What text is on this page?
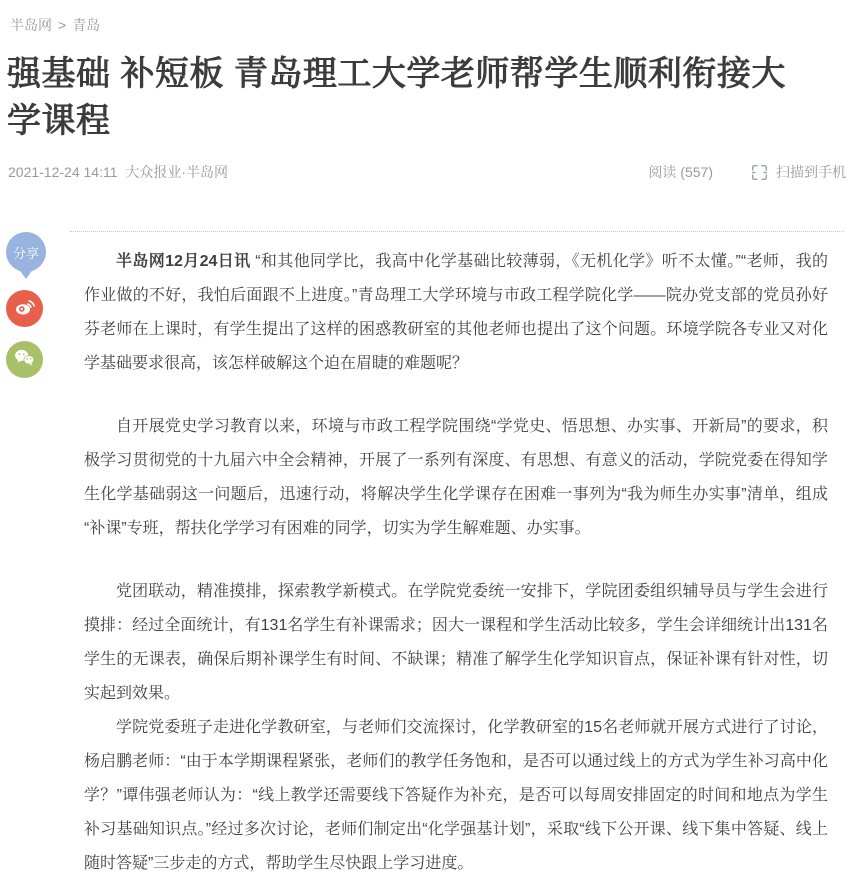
半岛网 > 青岛
强基础 补短板 青岛理工大学老师帮学生顺利衔接大学课程
2021-12-24 14:11 大众报业·半岛网	阅读 (557)	扫描到手机
分享	半岛网12月24日讯 “和其他同学比，我高中化学基础比较薄弱，《无机化学》听不太懂。”“老师，我的作业做的不好，我怕后面跟不上进度。”青岛理工大学环境与市政工程学院化学——院办党支部的党员孙好芬老师在上课时，有学生提出了这样的困惑教研室的其他老师也提出了这个问题。环境学院各专业又对化学基础要求很高，该怎样破解这个迫在眉睫的难题呢？

自开展党史学习教育以来，环境与市政工程学院围绕“学党史、悟思想、办实事、开新局”的要求，积极学习贯彻党的十九届六中全会精神，开展了一系列有深度、有思想、有意义的活动，学院党委在得知学生化学基础弱这一问题后，迅速行动，将解决学生化学课存在困难一事列为“我为师生办实事”清单，组成“补课”专班，帮扶化学学习有困难的同学，切实为学生解难题、办实事。

党团联动，精准摸排，探索教学新模式。在学院党委统一安排下，学院团委组织辅导员与学生会进行摸排：经过全面统计，有131名学生有补课需求；因大一课程和学生活动比较多，学生会详细统计出131名学生的无课表，确保后期补课学生有时间、不缺课；精准了解学生化学知识盲点，保证补课有针对性，切实起到效果。

学院党委班子走进化学教研室，与老师们交流探讨，化学教研室的15名老师就开展方式进行了讨论，杨启鹏老师：“由于本学期课程紧张，老师们的教学任务饱和，是否可以通过线上的方式为学生补习高中化学？”谭伟强老师认为：“线上教学还需要线下答疑作为补充，是否可以每周安排固定的时间和地点为学生补习基础知识点。”经过多次讨论，老师们制定出“化学强基计划”，采取“线下公开课、线下集中答疑、线上随时答疑”三步走的方式，帮助学生尽快跟上学习进度。
